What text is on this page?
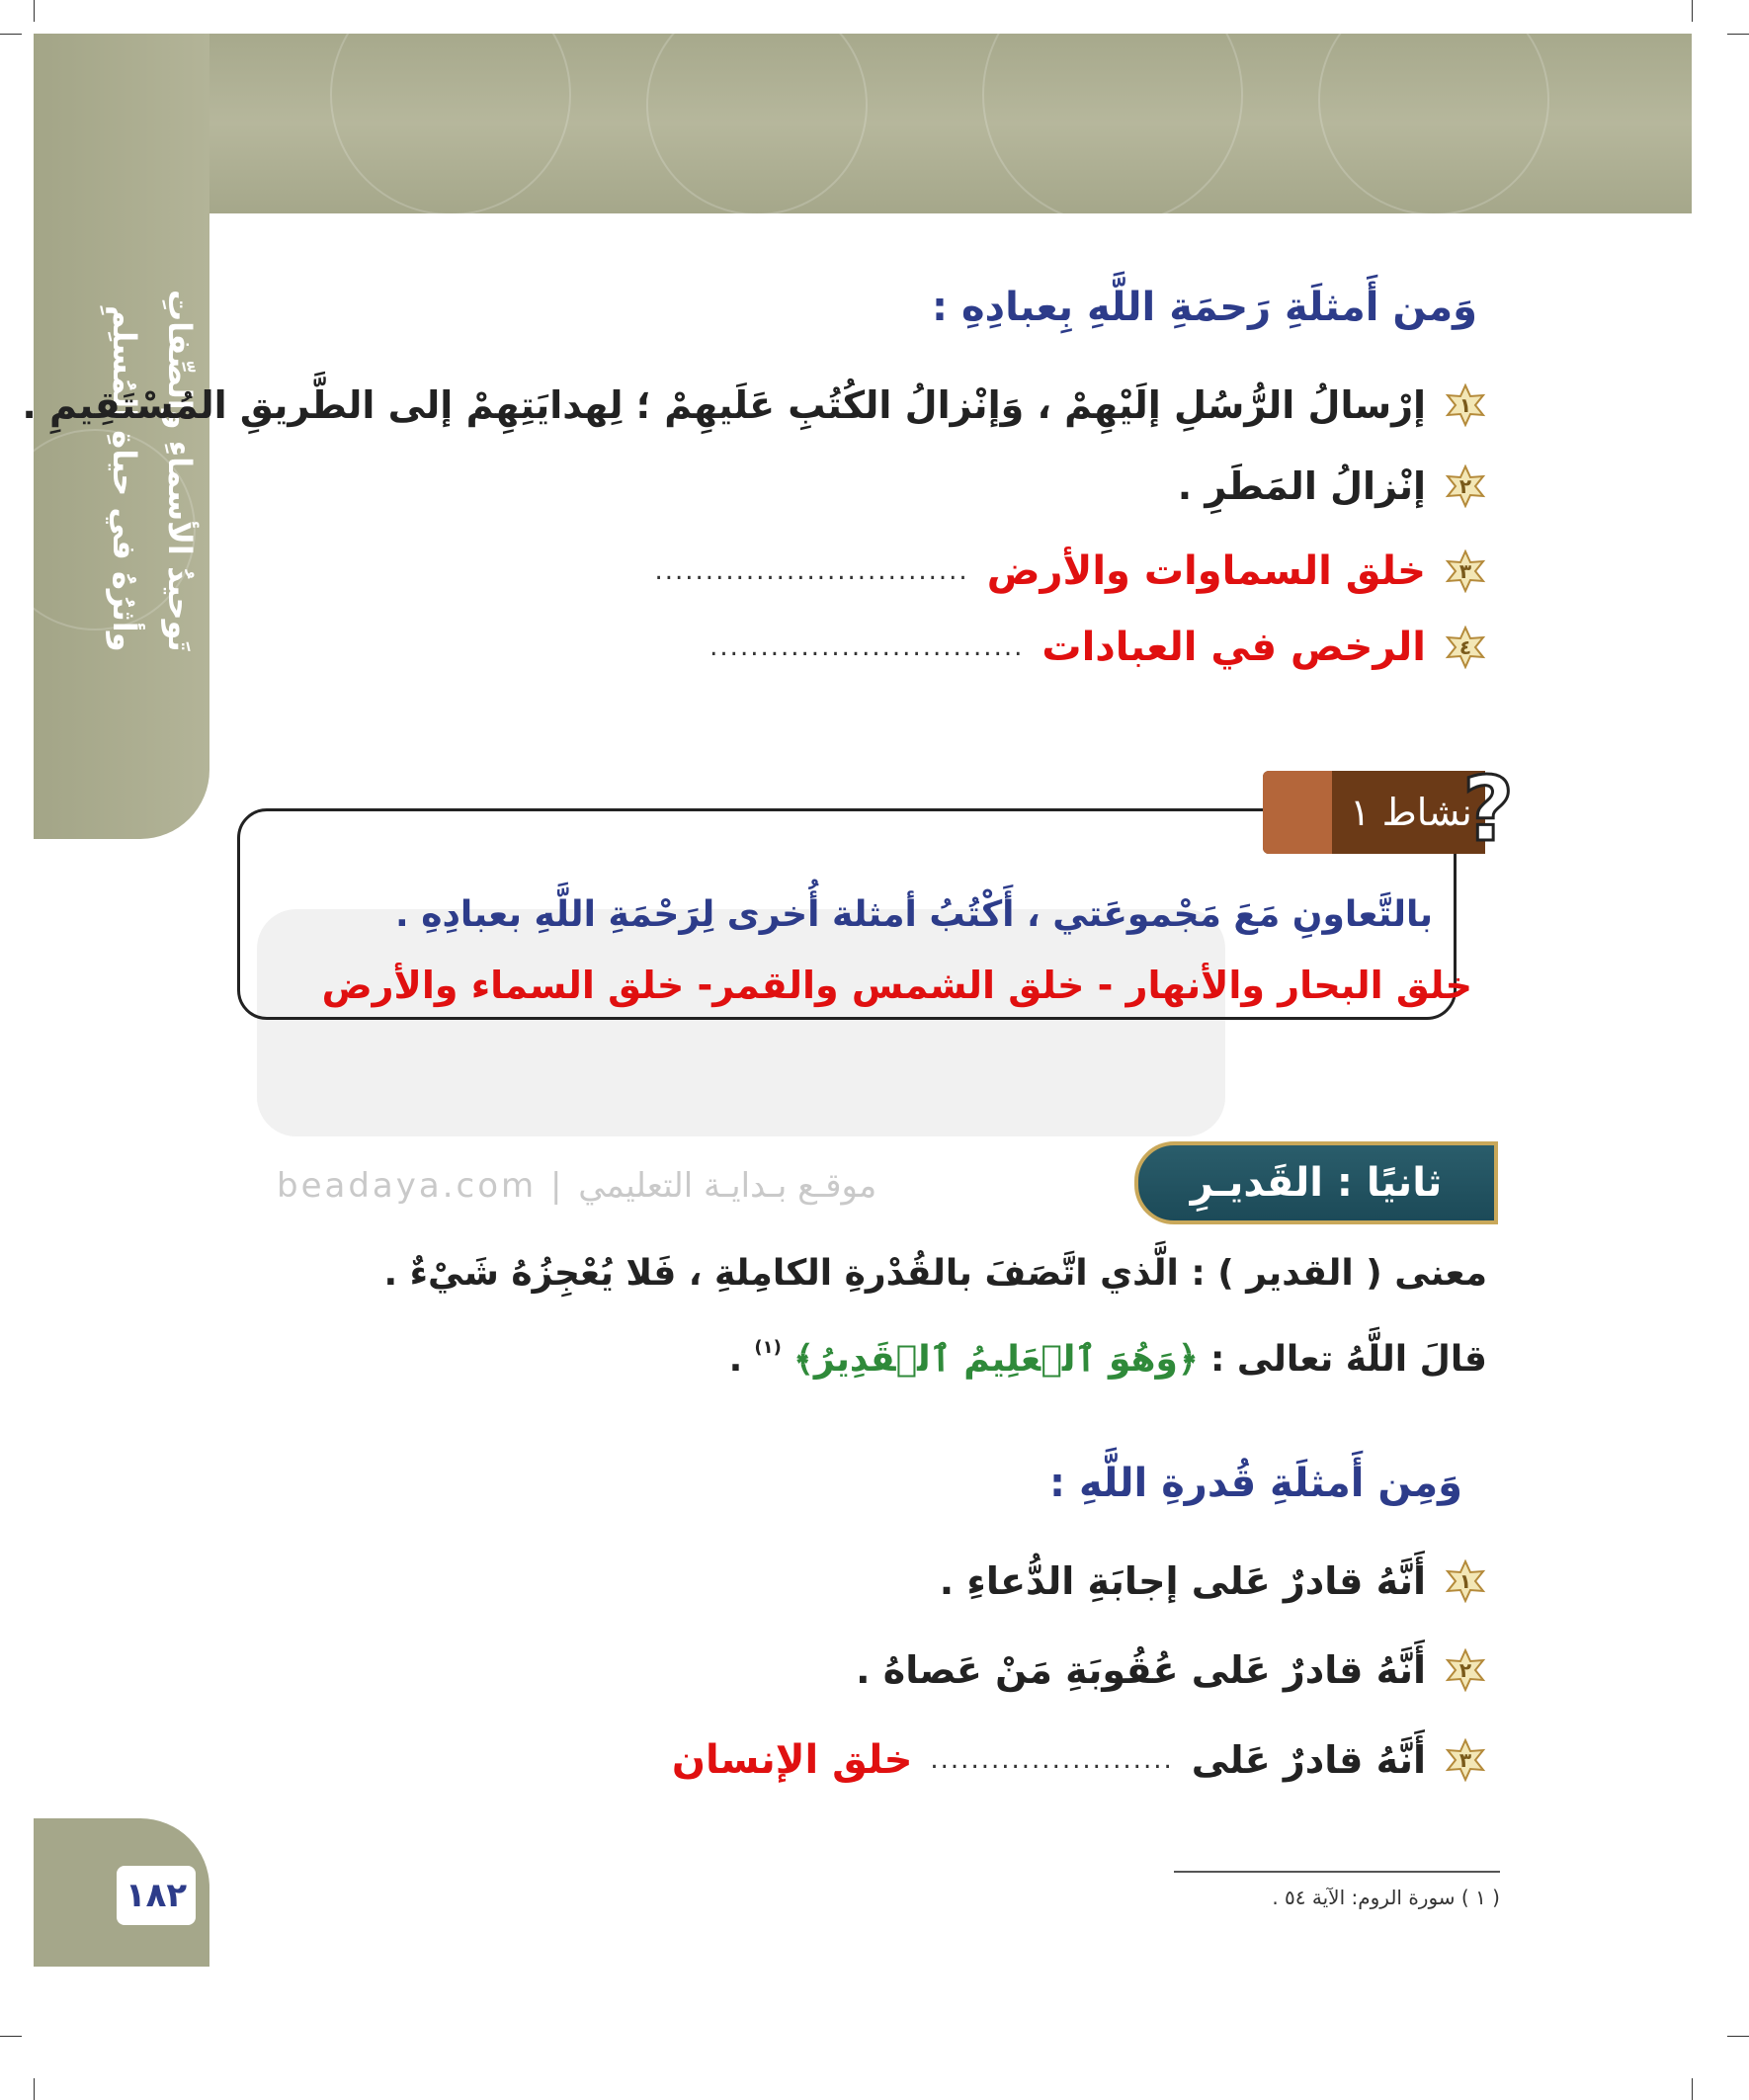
تَوحيدُ الأسماءِ والصِّفاتِ
وأثرُهُ في حياةِ المُسلِمِ
beadaya.com | موقـع بـدايـة التعليمي
وَمن أَمثلَةِ رَحمَةِ اللَّهِ بِعبادِهِ :
١
إرْسالُ الرُّسُلِ إلَيْهِمْ ، وَإنْزالُ الكُتُبِ عَلَيهِمْ ؛ لِهدايَتِهِمْ إلى الطَّريقِ المُسْتَقِيمِ .
٢
إنْزالُ المَطَرِ .
٣
خلق السماوات والأرض
...............................
٤
الرخص في العبادات
...............................
نشاط ١
?
بالتَّعاونِ مَعَ مَجْموعَتي ، أَكْتُبُ أمثلة أُخرى لِرَحْمَةِ اللَّهِ بعبادِهِ .
خلق البحار والأنهار - خلق الشمس والقمر- خلق السماء والأرض
ثانيًا : القَديـرِ
معنى ( القدير ) : الَّذي اتَّصَفَ بالقُدْرةِ الكامِلةِ ، فَلا يُعْجِزُهُ شَيْءٌ .
قالَ اللَّهُ تعالى :
﴿وَهُوَ ٱلۡعَلِيمُ ٱلۡقَدِيرُ﴾
(١)
.
وَمِن أَمثلَةِ قُدرةِ اللَّهِ :
١
أَنَّهُ قادرٌ عَلى إجابَةِ الدُّعاءِ .
٢
أَنَّهُ قادرٌ عَلى عُقُوبَةِ مَنْ عَصاهُ .
٣
أَنَّهُ قادرٌ عَلى
........................
خلق الإنسان
( ١ ) سورة الروم: الآية ٥٤ .
١٨٢
